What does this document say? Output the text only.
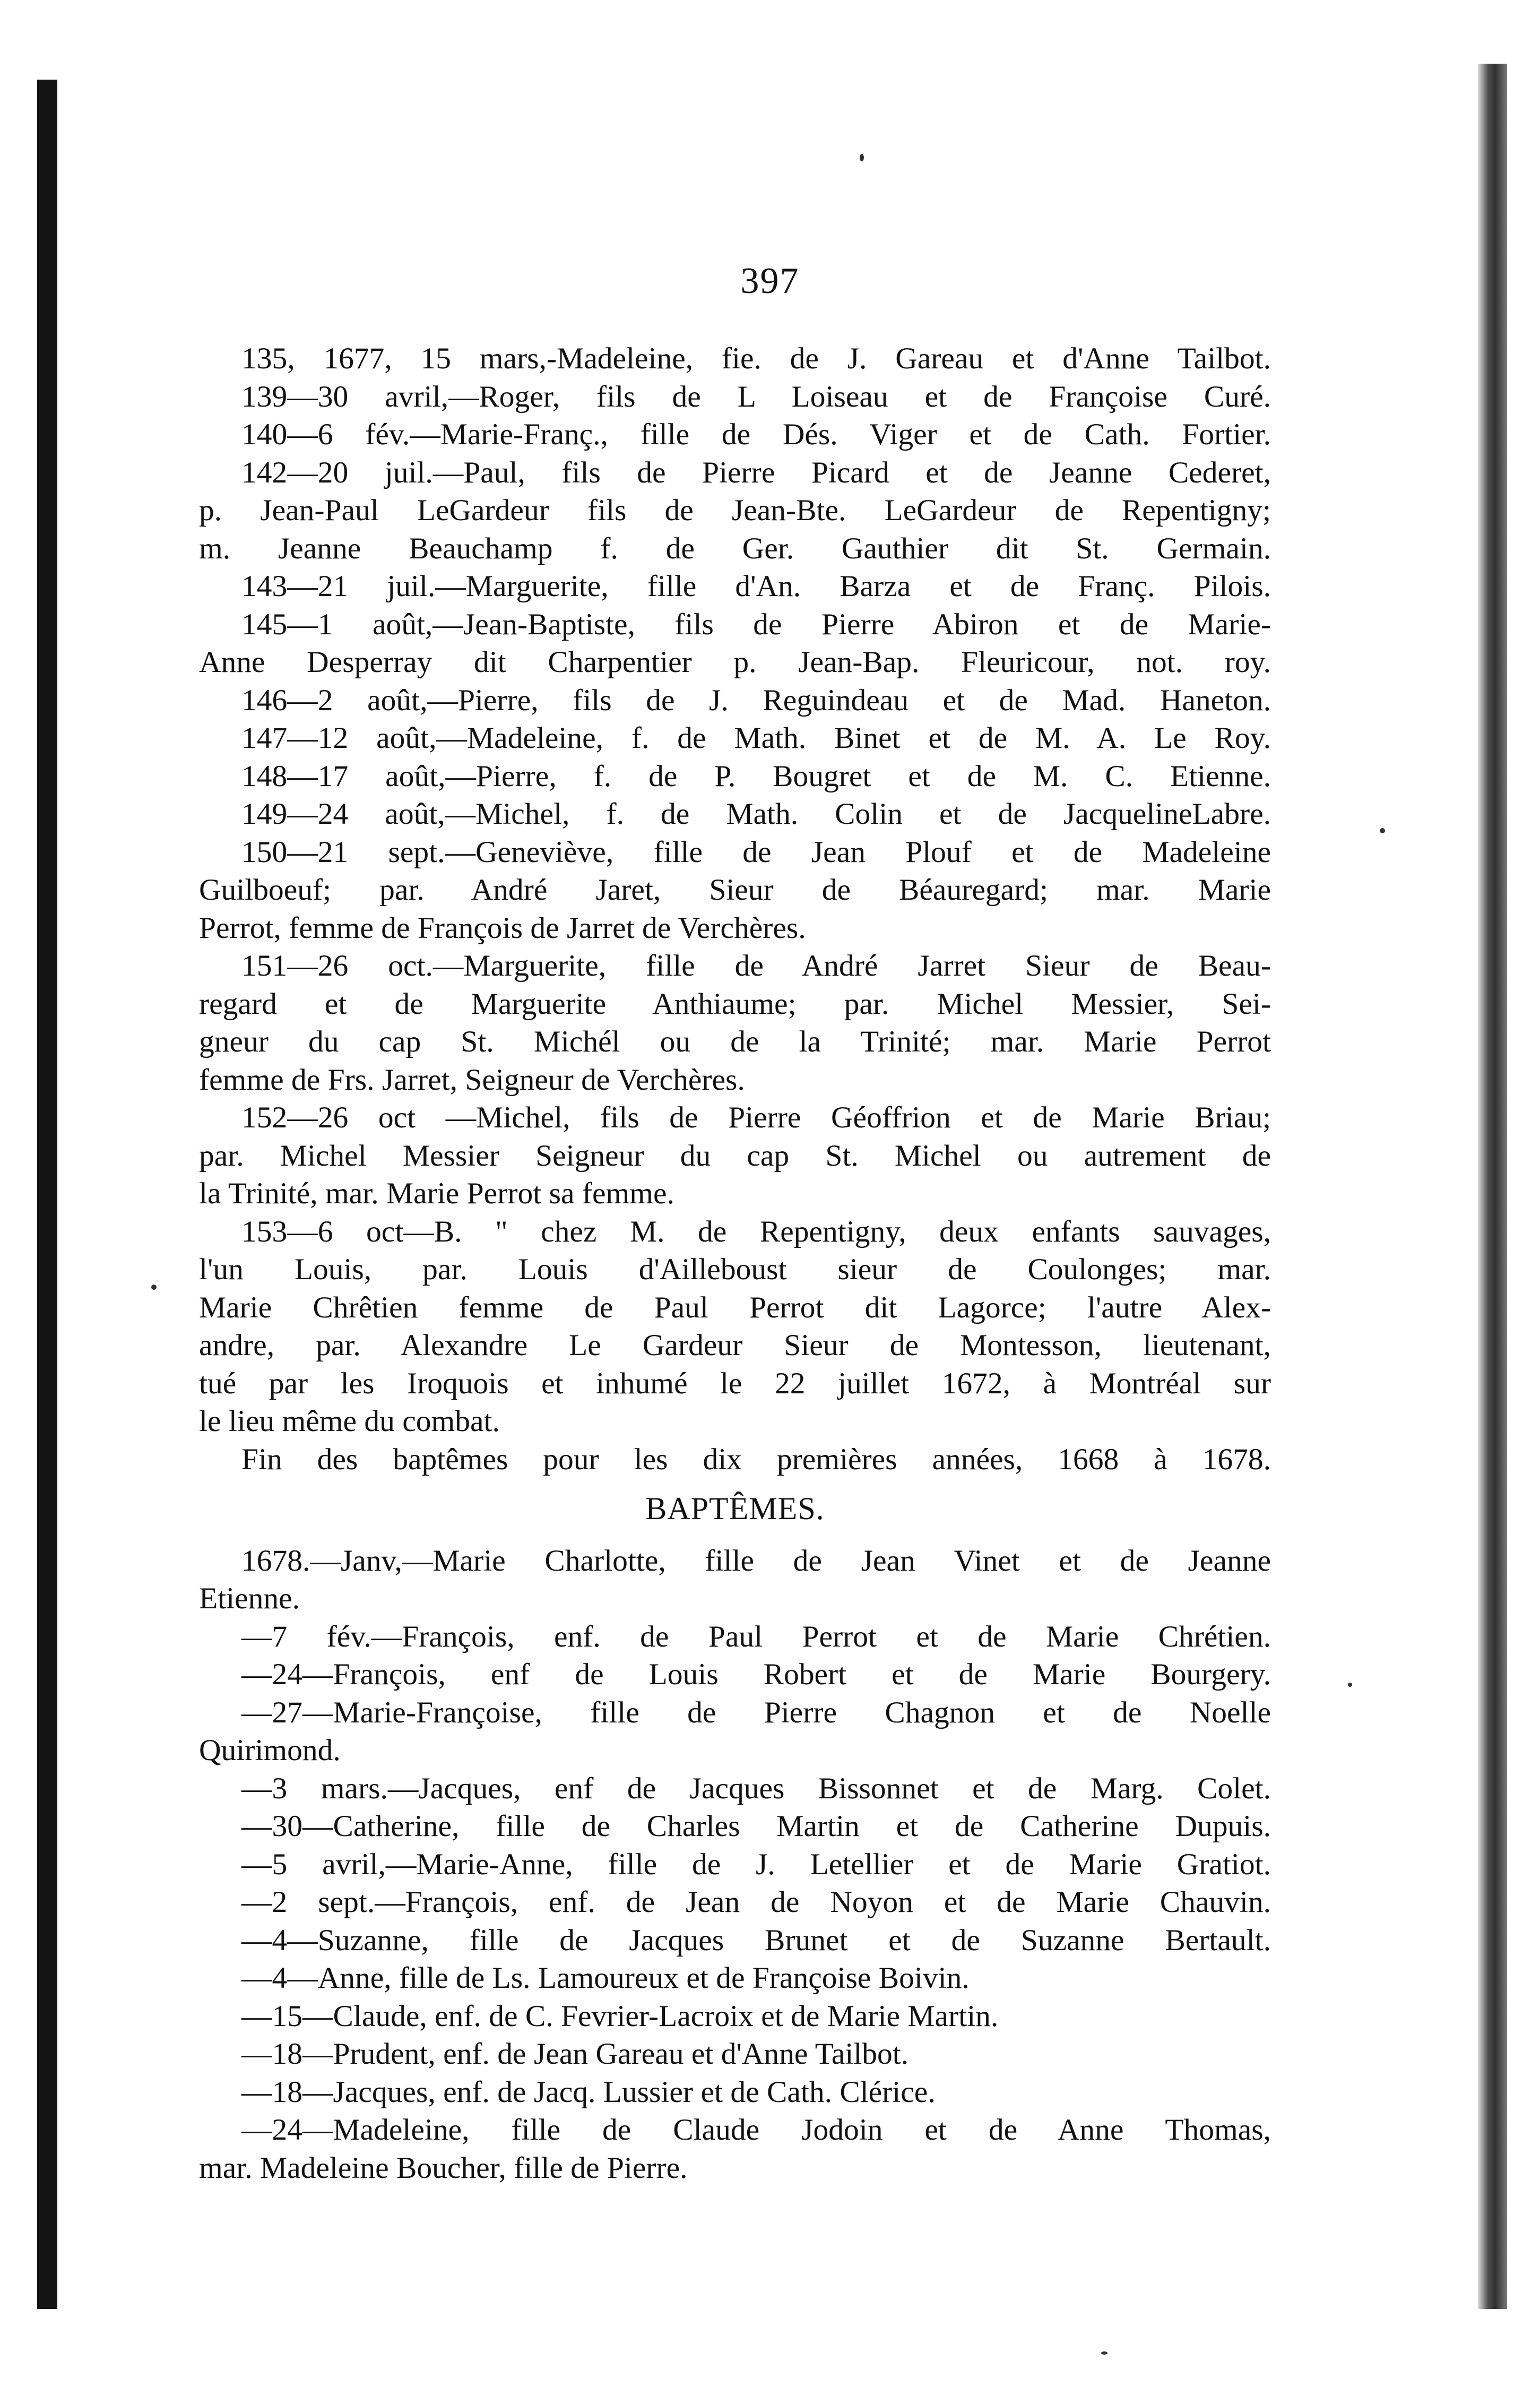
397
135, 1677, 15 mars,-Madeleine, fie. de J. Gareau et d'Anne Tailbot.
139—30 avril,—Roger, fils de L Loiseau et de Françoise Curé.
140—6 fév.—Marie-Franç., fille de Dés. Viger et de Cath. Fortier.
142—20 juil.—Paul, fils de Pierre Picard et de Jeanne Cederet,
p. Jean-Paul LeGardeur fils de Jean-Bte. LeGardeur de Repentigny;
m. Jeanne Beauchamp f. de Ger. Gauthier dit St. Germain.
143—21 juil.—Marguerite, fille d'An. Barza et de Franç. Pilois.
145—1 août,—Jean-Baptiste, fils de Pierre Abiron et de Marie-
Anne Desperray dit Charpentier p. Jean-Bap. Fleuricour, not. roy.
146—2 août,—Pierre, fils de J. Reguindeau et de Mad. Haneton.
147—12 août,—Madeleine, f. de Math. Binet et de M. A. Le Roy.
148—17 août,—Pierre, f. de P. Bougret et de M. C. Etienne.
149—24 août,—Michel, f. de Math. Colin et de JacquelineLabre.
150—21 sept.—Geneviève, fille de Jean Plouf et de Madeleine
Guilboeuf; par. André Jaret, Sieur de Béauregard; mar. Marie
Perrot, femme de François de Jarret de Verchères.
151—26 oct.—Marguerite, fille de André Jarret Sieur de Beau-
regard et de Marguerite Anthiaume; par. Michel Messier, Sei-
gneur du cap St. Michél ou de la Trinité; mar. Marie Perrot
femme de Frs. Jarret, Seigneur de Verchères.
152—26 oct —Michel, fils de Pierre Géoffrion et de Marie Briau;
par. Michel Messier Seigneur du cap St. Michel ou autrement de
la Trinité, mar. Marie Perrot sa femme.
153—6 oct—B. " chez M. de Repentigny, deux enfants sauvages,
l'un Louis, par. Louis d'Ailleboust sieur de Coulonges; mar.
Marie Chrêtien femme de Paul Perrot dit Lagorce; l'autre Alex-
andre, par. Alexandre Le Gardeur Sieur de Montesson, lieutenant,
tué par les Iroquois et inhumé le 22 juillet 1672, à Montréal sur
le lieu même du combat.
Fin des baptêmes pour les dix premières années, 1668 à 1678.
BAPTÊMES.
1678.—Janv,—Marie Charlotte, fille de Jean Vinet et de Jeanne
Etienne.
—7 fév.—François, enf. de Paul Perrot et de Marie Chrétien.
—24—François, enf de Louis Robert et de Marie Bourgery.
—27—Marie-Françoise, fille de Pierre Chagnon et de Noelle
Quirimond.
—3 mars.—Jacques, enf de Jacques Bissonnet et de Marg. Colet.
—30—Catherine, fille de Charles Martin et de Catherine Dupuis.
—5 avril,—Marie-Anne, fille de J. Letellier et de Marie Gratiot.
—2 sept.—François, enf. de Jean de Noyon et de Marie Chauvin.
—4—Suzanne, fille de Jacques Brunet et de Suzanne Bertault.
—4—Anne, fille de Ls. Lamoureux et de Françoise Boivin.
—15—Claude, enf. de C. Fevrier-Lacroix et de Marie Martin.
—18—Prudent, enf. de Jean Gareau et d'Anne Tailbot.
—18—Jacques, enf. de Jacq. Lussier et de Cath. Clérice.
—24—Madeleine, fille de Claude Jodoin et de Anne Thomas,
mar. Madeleine Boucher, fille de Pierre.
